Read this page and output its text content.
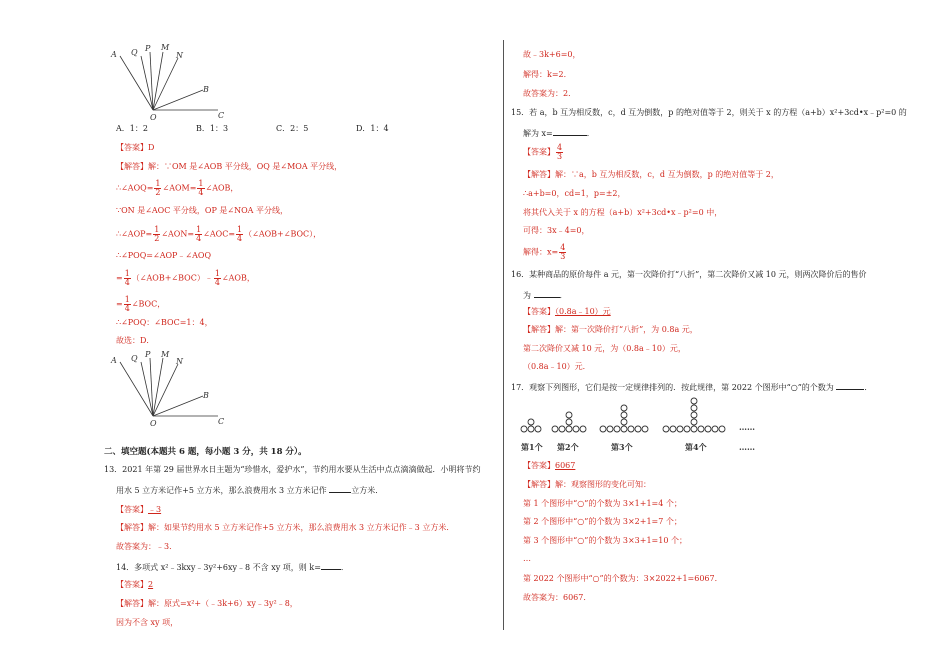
A Q P M
N
B
O	C
A．1：2	B．1：3	C．2：5	D．1：4
【答案】D
【解答】解：∵OM 是∠AOB 平分线，OQ 是∠MOA 平分线，
∴∠AOQ= $\frac{1}{2}$ ∠AOM= $\frac{1}{4}$ ∠AOB，
∵ON 是∠AOC 平分线，OP 是∠NOA 平分线，
∴∠AOP= $\frac{1}{2}$ ∠AON= $\frac{1}{4}$ ∠AOC= $\frac{1}{4}$ （∠AOB+∠BOC），
∴∠POQ=∠AOP﹣∠AOQ
= $\frac{1}{4}$ （∠AOB+∠BOC）﹣ $\frac{1}{4}$ ∠AOB，
= $\frac{1}{4}$ ∠BOC，
∴∠POQ：∠BOC=1：4，
故选：D．
A Q P M
N
B
O	C
二、填空题(本题共 6 题，每小题 3 分，共 18 分）。
13．2021 年第 29 届世界水日主题为“珍惜水，爱护水”，节约用水要从生活中点点滴滴做起．小明将节约
用水 5 立方米记作+5 立方米，那么浪费用水 3 立方米记作	立方米．
【答案】﹣3
【解答】解：如果节约用水 5 立方米记作+5 立方米，那么浪费用水 3 立方米记作﹣3 立方米．
故答案为：﹣3．
14．多项式 x²﹣3kxy﹣3y²+6xy﹣8 不含 xy 项，则 k=	．
【答案】2
【解答】解：原式=x²+（﹣3k+6）xy﹣3y²﹣8，
因为不含 xy 项，
故﹣3k+6=0，
解得：k=2．
故答案为：2．
15．若 a，b 互为相反数，c，d 互为倒数，p 的绝对值等于 2，则关于 x 的方程（a+b）x²+3cd•x﹣p²=0 的
解为 x=	．
【答案】 $\frac{4}{3}$
【解答】解：∵a，b 互为相反数，c，d 互为倒数，p 的绝对值等于 2，
∴a+b=0，cd=1，p=±2，
将其代入关于 x 的方程（a+b）x²+3cd•x﹣p²=0 中，
可得：3x﹣4=0，
解得：$x= \frac{4}{3}$
16．某种商品的原价每件 a 元，第一次降价打“八折”，第二次降价又减 10 元，则两次降价后的售价
为	．
【答案】（0.8a﹣10）元
【解答】解：第一次降价打“八折”，为 0.8a 元，
第二次降价又减 10 元，为（0.8a﹣10）元，
（0.8a﹣10）元．
17．观察下列图形，它们是按一定规律排列的．按此规律，第 2022 个图形中“○”的个数为	．
第1个 第2个	第3个	第4个
……
……
【答案】6067
【解答】解：观察图形的变化可知：
第 1 个图形中“○”的个数为 3×1+1=4 个；
第 2 个图形中“○”的个数为 3×2+1=7 个；
第 3 个图形中“○”的个数为 3×3+1=10 个；
…
第 2022 个图形中“○”的个数为：3×2022+1=6067．
故答案为：6067．
